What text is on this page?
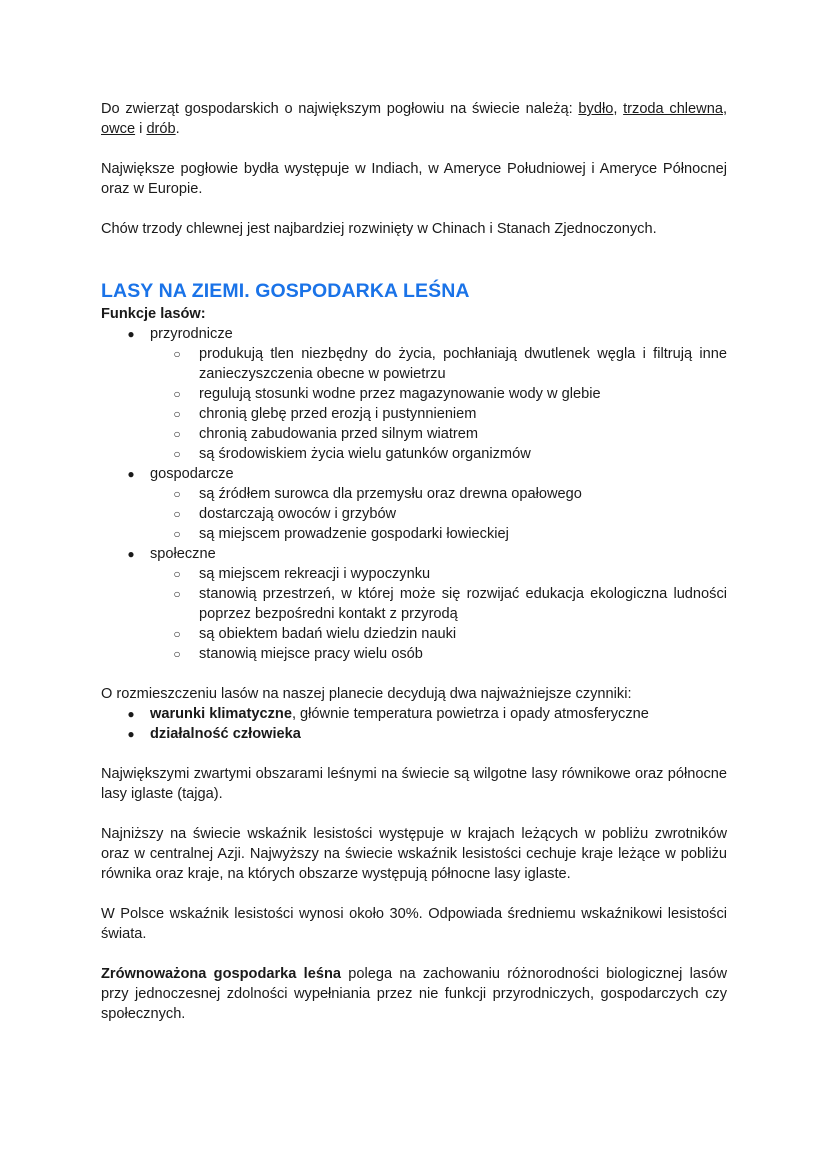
Do zwierząt gospodarskich o największym pogłowiu na świecie należą: bydło, trzoda chlewna, owce i drób.

Największe pogłowie bydła występuje w Indiach, w Ameryce Południowej i Ameryce Północnej oraz w Europie.

Chów trzody chlewnej jest najbardziej rozwinięty w Chinach i Stanach Zjednoczonych.

LASY NA ZIEMI. GOSPODARKA LEŚNA
Funkcje lasów:
● przyrodnicze
○ produkują tlen niezbędny do życia, pochłaniają dwutlenek węgla i filtrują inne zanieczyszczenia obecne w powietrzu
○ regulują stosunki wodne przez magazynowanie wody w glebie
○ chronią glebę przed erozją i pustynnieniem
○ chronią zabudowania przed silnym wiatrem
○ są środowiskiem życia wielu gatunków organizmów
● gospodarcze
○ są źródłem surowca dla przemysłu oraz drewna opałowego
○ dostarczają owoców i grzybów
○ są miejscem prowadzenie gospodarki łowieckiej
● społeczne
○ są miejscem rekreacji i wypoczynku
○ stanowią przestrzeń, w której może się rozwijać edukacja ekologiczna ludności poprzez bezpośredni kontakt z przyrodą
○ są obiektem badań wielu dziedzin nauki
○ stanowią miejsce pracy wielu osób

O rozmieszczeniu lasów na naszej planecie decydują dwa najważniejsze czynniki:

● warunki klimatyczne, głównie temperatura powietrza i opady atmosferyczne
● działalność człowieka

Największymi zwartymi obszarami leśnymi na świecie są wilgotne lasy równikowe oraz północne lasy iglaste (tajga).

Najniższy na świecie wskaźnik lesistości występuje w krajach leżących w pobliżu zwrotników oraz w centralnej Azji. Najwyższy na świecie wskaźnik lesistości cechuje kraje leżące w pobliżu równika oraz kraje, na których obszarze występują północne lasy iglaste.

W Polsce wskaźnik lesistości wynosi około 30%. Odpowiada średniemu wskaźnikowi lesistości świata.

Zrównoważona gospodarka leśna polega na zachowaniu różnorodności biologicznej lasów przy jednoczesnej zdolności wypełniania przez nie funkcji przyrodniczych, gospodarczych czy społecznych.
